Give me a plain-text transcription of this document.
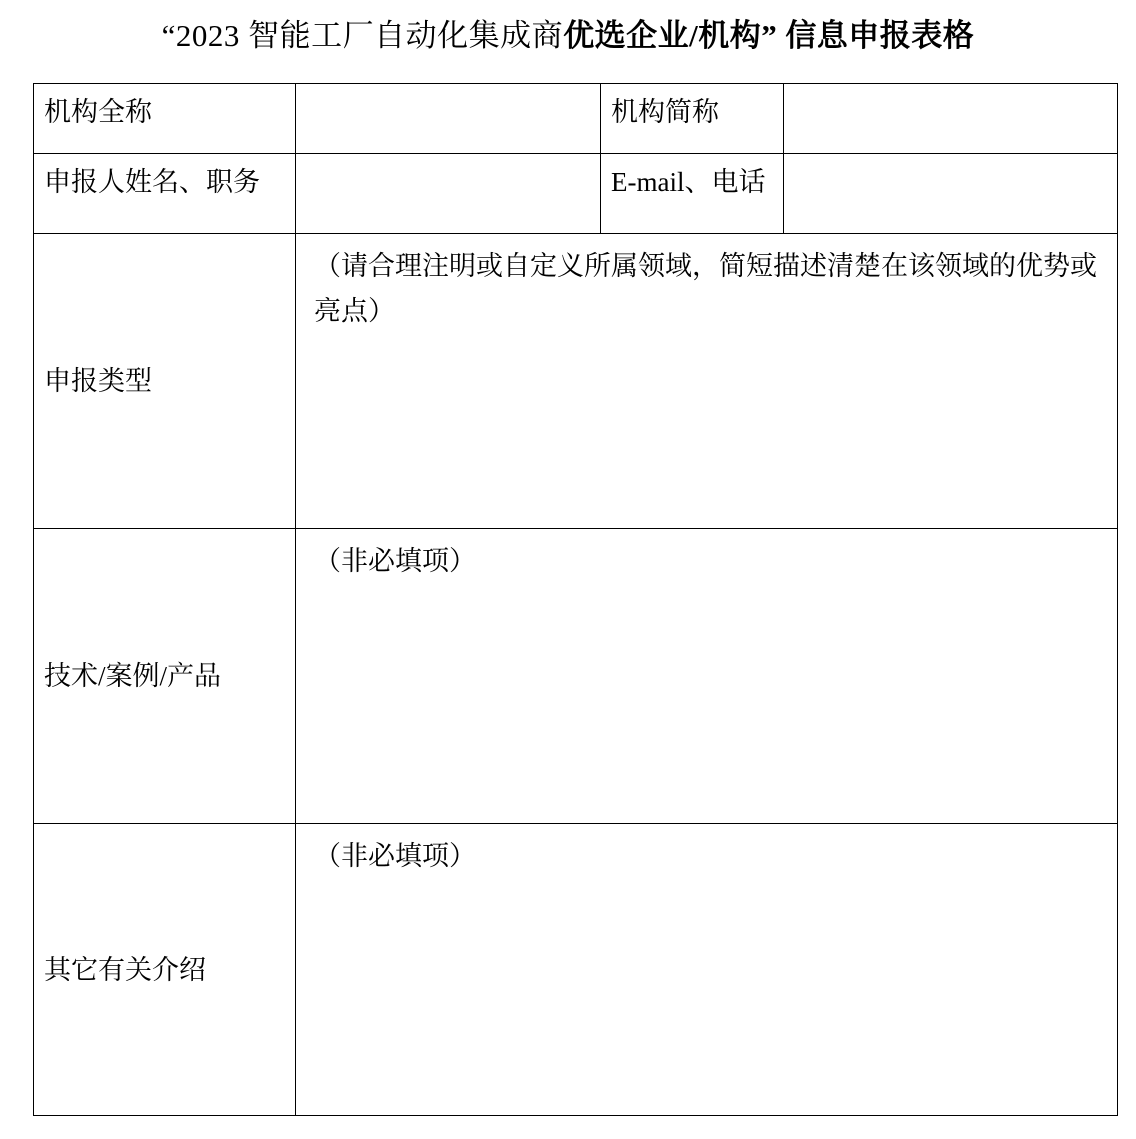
“2023 智能工厂自动化集成商优选企业/机构” 信息申报表格
机构全称		机构简称	
申报人姓名、职务		E-mail、电话	
申报类型	（请合理注明或自定义所属领域，简短描述清楚在该领域的优势或亮点）		
技术/案例/产品	（非必填项）		
其它有关介绍	（非必填项）		
